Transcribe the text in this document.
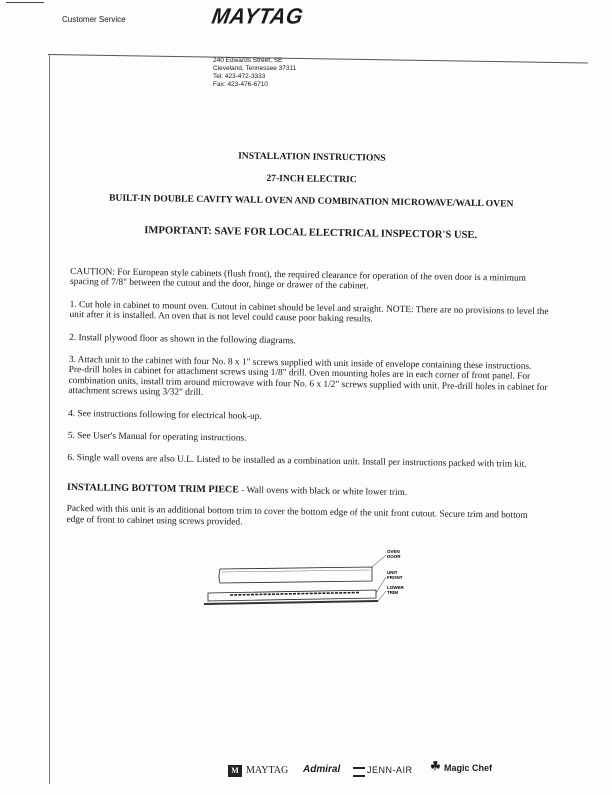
Customer Service	MAYTAG
240 Edwards Street, SE
Cleveland, Tennessee 37311
Tel: 423-472-3333
Fax: 423-476-6710
INSTALLATION INSTRUCTIONS
27-INCH ELECTRIC
BUILT-IN DOUBLE CAVITY WALL OVEN AND COMBINATION MICROWAVE/WALL OVEN
IMPORTANT: SAVE FOR LOCAL ELECTRICAL INSPECTOR'S USE.
CAUTION: For European style cabinets (flush front), the required clearance for operation of the oven door is a minimum spacing of 7/8" between the cutout and the door, hinge or drawer of the cabinet.
1. Cut hole in cabinet to mount oven. Cutout in cabinet should be level and straight. NOTE: There are no provisions to level the unit after it is installed. An oven that is not level could cause poor baking results.
2. Install plywood floor as shown in the following diagrams.
3. Attach unit to the cabinet with four No. 8 x 1" screws supplied with unit inside of envelope containing these instructions. Pre-drill holes in cabinet for attachment screws using 1/8" drill. Oven mounting holes are in each corner of front panel. For combination units, install trim around microwave with four No. 6 x 1/2" screws supplied with unit. Pre-drill holes in cabinet for attachment screws using 3/32" drill.
4. See instructions following for electrical hook-up.
5. See User's Manual for operating instructions.
6. Single wall ovens are also U.L. Listed to be installed as a combination unit. Install per instructions packed with trim kit.
INSTALLING BOTTOM TRIM PIECE - Wall ovens with black or white lower trim.
Packed with this unit is an additional bottom trim to cover the bottom edge of the unit front cutout. Secure trim and bottom edge of front to cabinet using screws provided.
OVEN
DOOR
UNIT
FRONT
LOWER
TRIM
M MAYTAG Admiral	JENN-AIR ☘ Magic Chef
